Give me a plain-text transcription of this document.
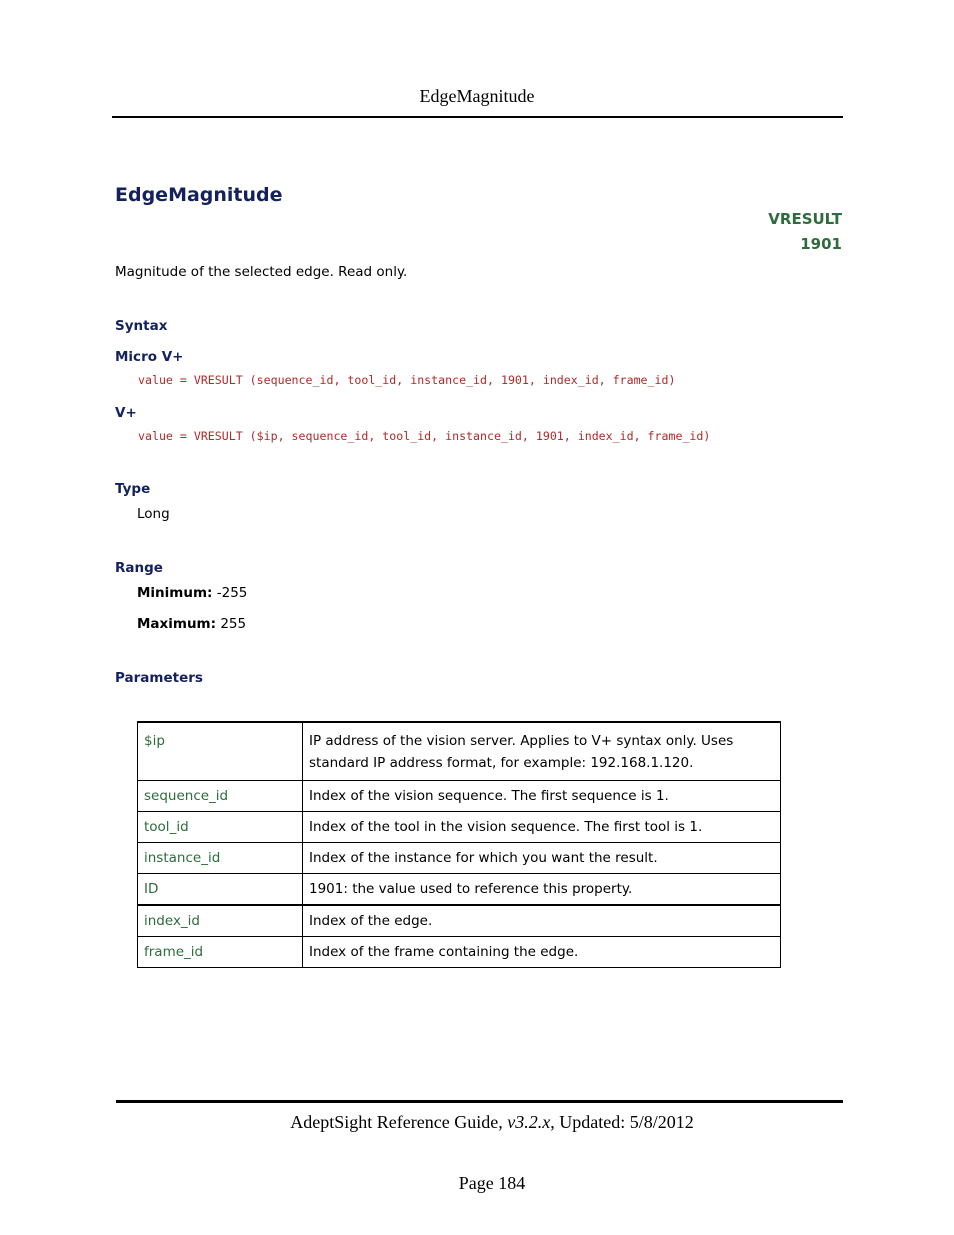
EdgeMagnitude
EdgeMagnitude
VRESULT
1901
Magnitude of the selected edge. Read only.
Syntax
Micro V+
value = VRESULT (sequence_id, tool_id, instance_id, 1901, index_id, frame_id)
V+
value = VRESULT ($ip, sequence_id, tool_id, instance_id, 1901, index_id, frame_id)
Type
Long
Range
Minimum: -255
Maximum: 255
Parameters
$ip	IP address of the vision server. Applies to V+ syntax only. Uses standard IP address format, for example: 192.168.1.120.
sequence_id	Index of the vision sequence. The first sequence is 1.
tool_id	Index of the tool in the vision sequence. The first tool is 1.
instance_id	Index of the instance for which you want the result.
ID	1901: the value used to reference this property.
index_id	Index of the edge.
frame_id	Index of the frame containing the edge.
AdeptSight Reference Guide, v3.2.x, Updated: 5/8/2012
Page 184
